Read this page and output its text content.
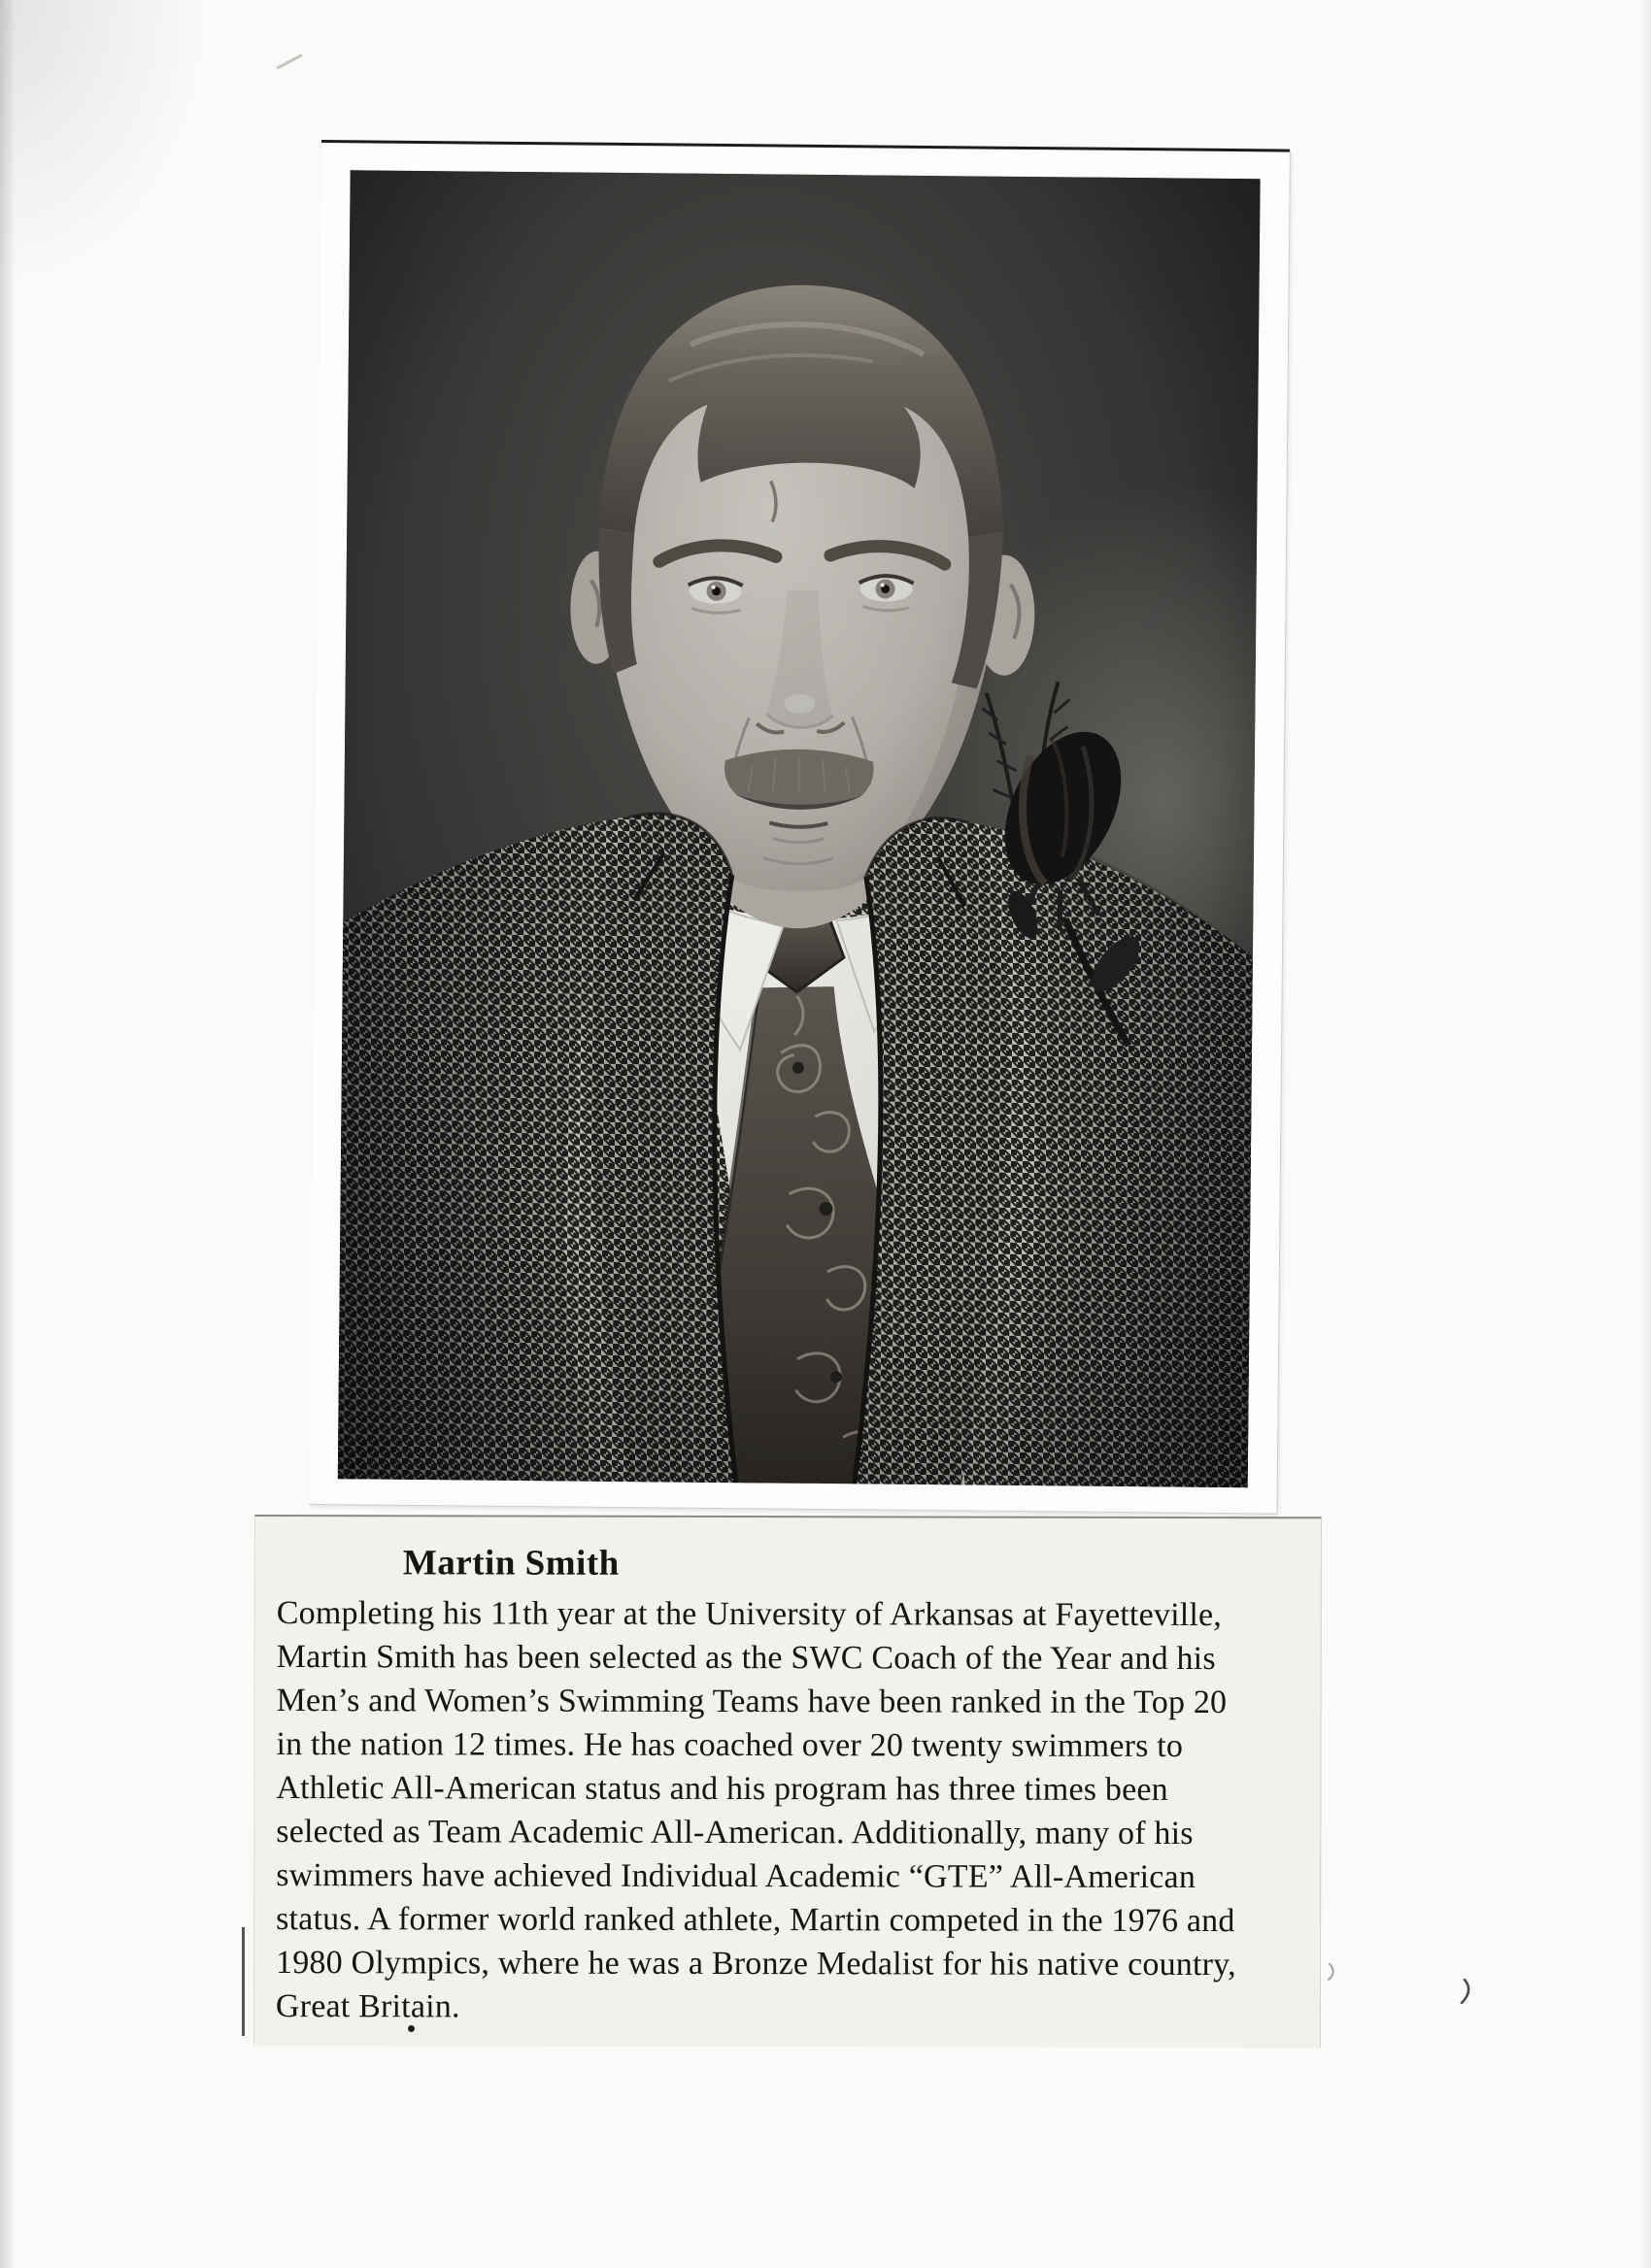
Martin Smith
Completing his 11th year at the University of Arkansas at Fayetteville,
Martin Smith has been selected as the SWC Coach of the Year and his
Men’s and Women’s Swimming Teams have been ranked in the Top 20
in the nation 12 times. He has coached over 20 twenty swimmers to
Athletic All-American status and his program has three times been
selected as Team Academic All-American. Additionally, many of his
swimmers have achieved Individual Academic “GTE” All-American
status. A former world ranked athlete, Martin competed in the 1976 and
1980 Olympics, where he was a Bronze Medalist for his native country,
Great Britain.
